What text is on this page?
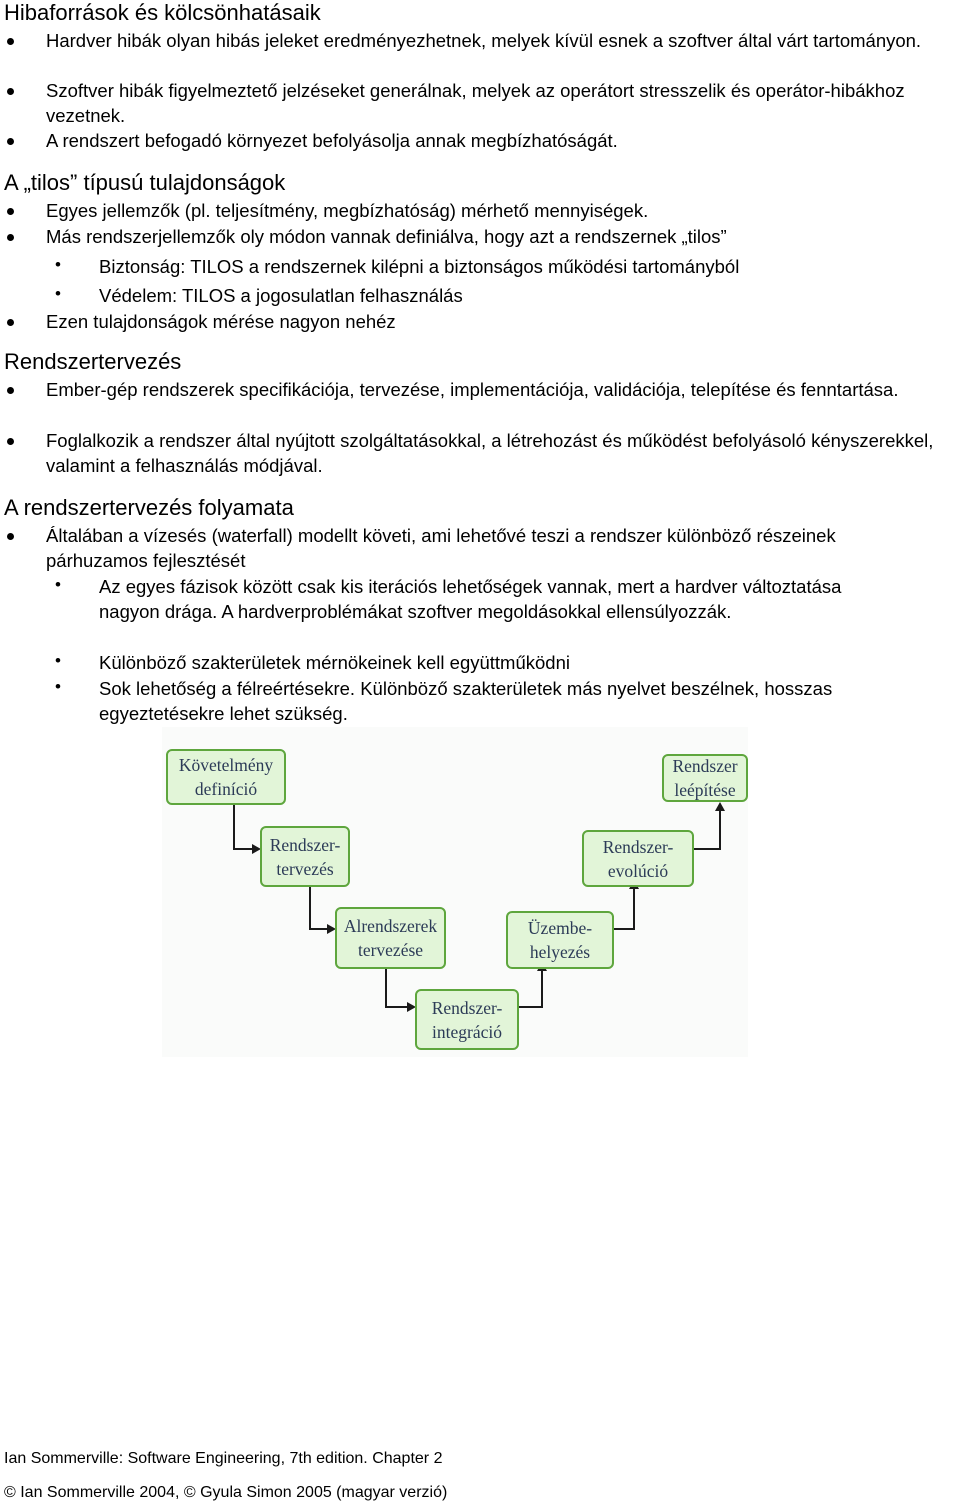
Hibaforrások és kölcsönhatásaik
Hardver hibák olyan hibás jeleket eredményezhetnek, melyek kívül esnek a szoftver által várt tartományon.
Szoftver hibák figyelmeztető jelzéseket generálnak, melyek az operátort stresszelik és operátor-hibákhoz vezetnek.
A rendszert befogadó környezet befolyásolja annak megbízhatóságát.
A „tilos” típusú tulajdonságok
Egyes jellemzők (pl. teljesítmény, megbízhatóság) mérhető mennyiségek.
Más rendszerjellemzők oly módon vannak definiálva, hogy azt a rendszernek „tilos”
• Biztonság: TILOS a rendszernek kilépni a biztonságos működési tartományból
• Védelem: TILOS a jogosulatlan felhasználás
Ezen tulajdonságok mérése nagyon nehéz
Rendszertervezés
Ember-gép rendszerek specifikációja, tervezése, implementációja, validációja, telepítése és fenntartása.
Foglalkozik a rendszer által nyújtott szolgáltatásokkal, a létrehozást és működést befolyásoló kényszerekkel, valamint a felhasználás módjával.
A rendszertervezés folyamata
Általában a vízesés (waterfall) modellt követi, ami lehetővé teszi a rendszer különböző részeinek párhuzamos fejlesztését
• Az egyes fázisok között csak kis iterációs lehetőségek vannak, mert a hardver változtatása nagyon drága. A hardverproblémákat szoftver megoldásokkal ellensúlyozzák.
• Különböző szakterületek mérnökeinek kell együttműködni
• Sok lehetőség a félreértésekre. Különböző szakterületek más nyelvet beszélnek, hosszas egyeztetésekre lehet szükség.
Követelmény
definíció
Rendszer-
tervezés
Alrendszerek
tervezése
Rendszer-
integráció
Üzembe-
helyezés
Rendszer-
evolúció
Rendszer
leépítése
Ian Sommerville: Software Engineering, 7th edition. Chapter 2
© Ian Sommerville 2004, © Gyula Simon 2005 (magyar verzió)
